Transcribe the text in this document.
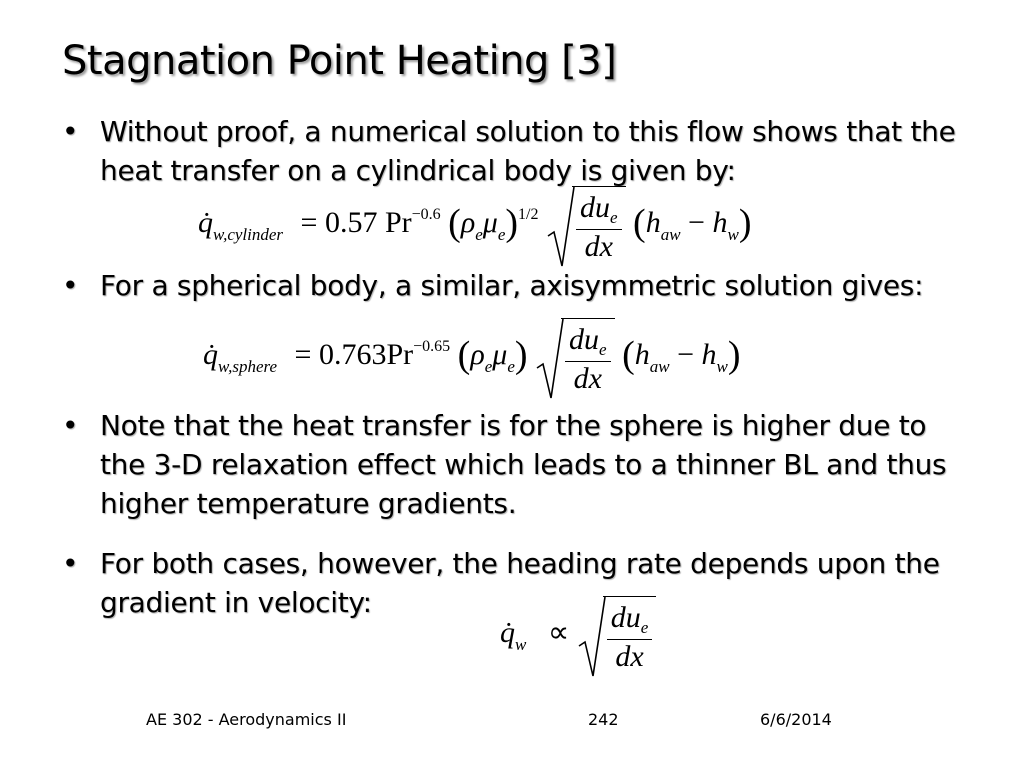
Stagnation Point Heating [3]
• Without proof, a numerical solution to this flow shows that the heat transfer on a cylindrical body is given by:
$q̇_{w,cylinder} = 0.57$ $Pr^{-0.6}$ $(\rho_e\mu_e)^{1/2} \frac{du_e}{dx} (h_{aw} - h_w)$
• For a spherical body, a similar, axisymmetric solution gives:
$q̇_{w,sphere} = 0.763Pr^{-0.65}$ $(\rho_e\mu_e) \frac{du_e}{dx} (h_{aw} - h_w)$
• Note that the heat transfer is for the sphere is higher due to the 3-D relaxation effect which leads to a thinner BL and thus higher temperature gradients.
• For both cases, however, the heading rate depends upon the gradient in velocity:
$q̇_w \propto \frac{du_e}{dx}$
AE 302 - Aerodynamics II	242	6/6/2014
